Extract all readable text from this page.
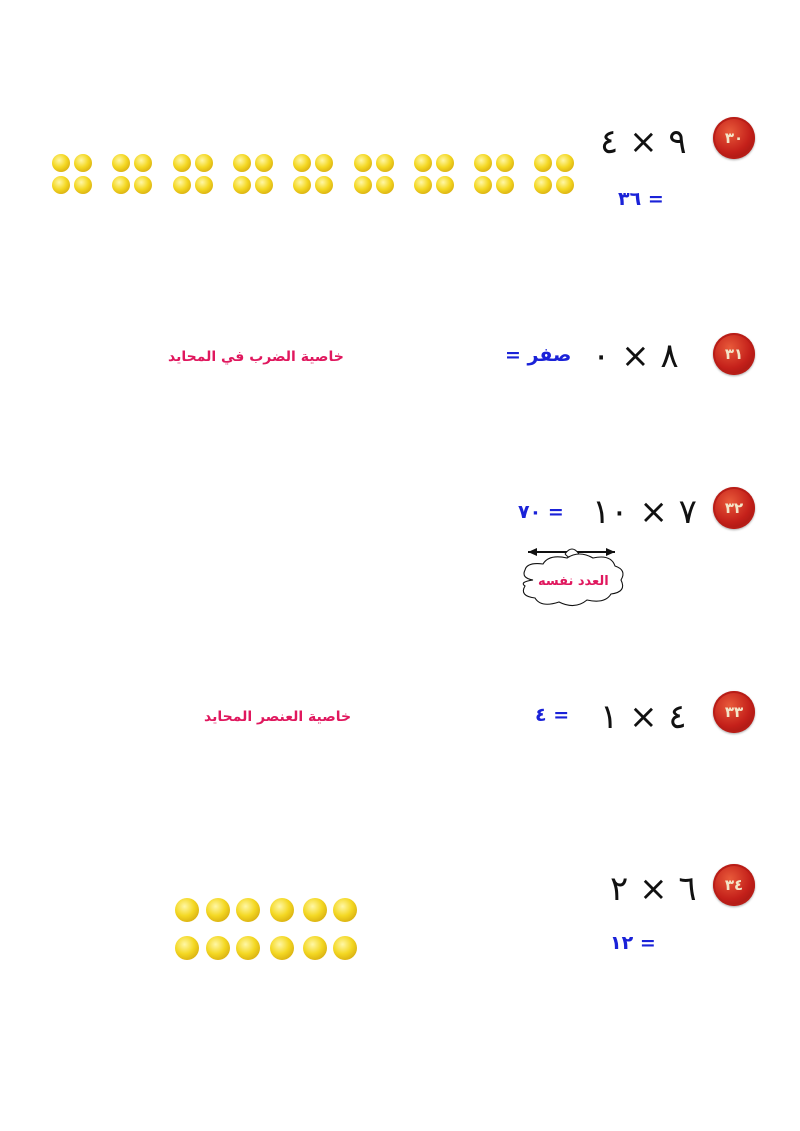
٣٠
٩ × ٤
٣٦ =
٣١
٨ × ٠
= صفر
خاصية الضرب في المحايد
٣٢
٧ × ١٠
٧٠ =
العدد نفسه
٣٣
٤ × ١
٤ =
خاصية العنصر المحايد
٣٤
٦ × ٢
١٢ =
